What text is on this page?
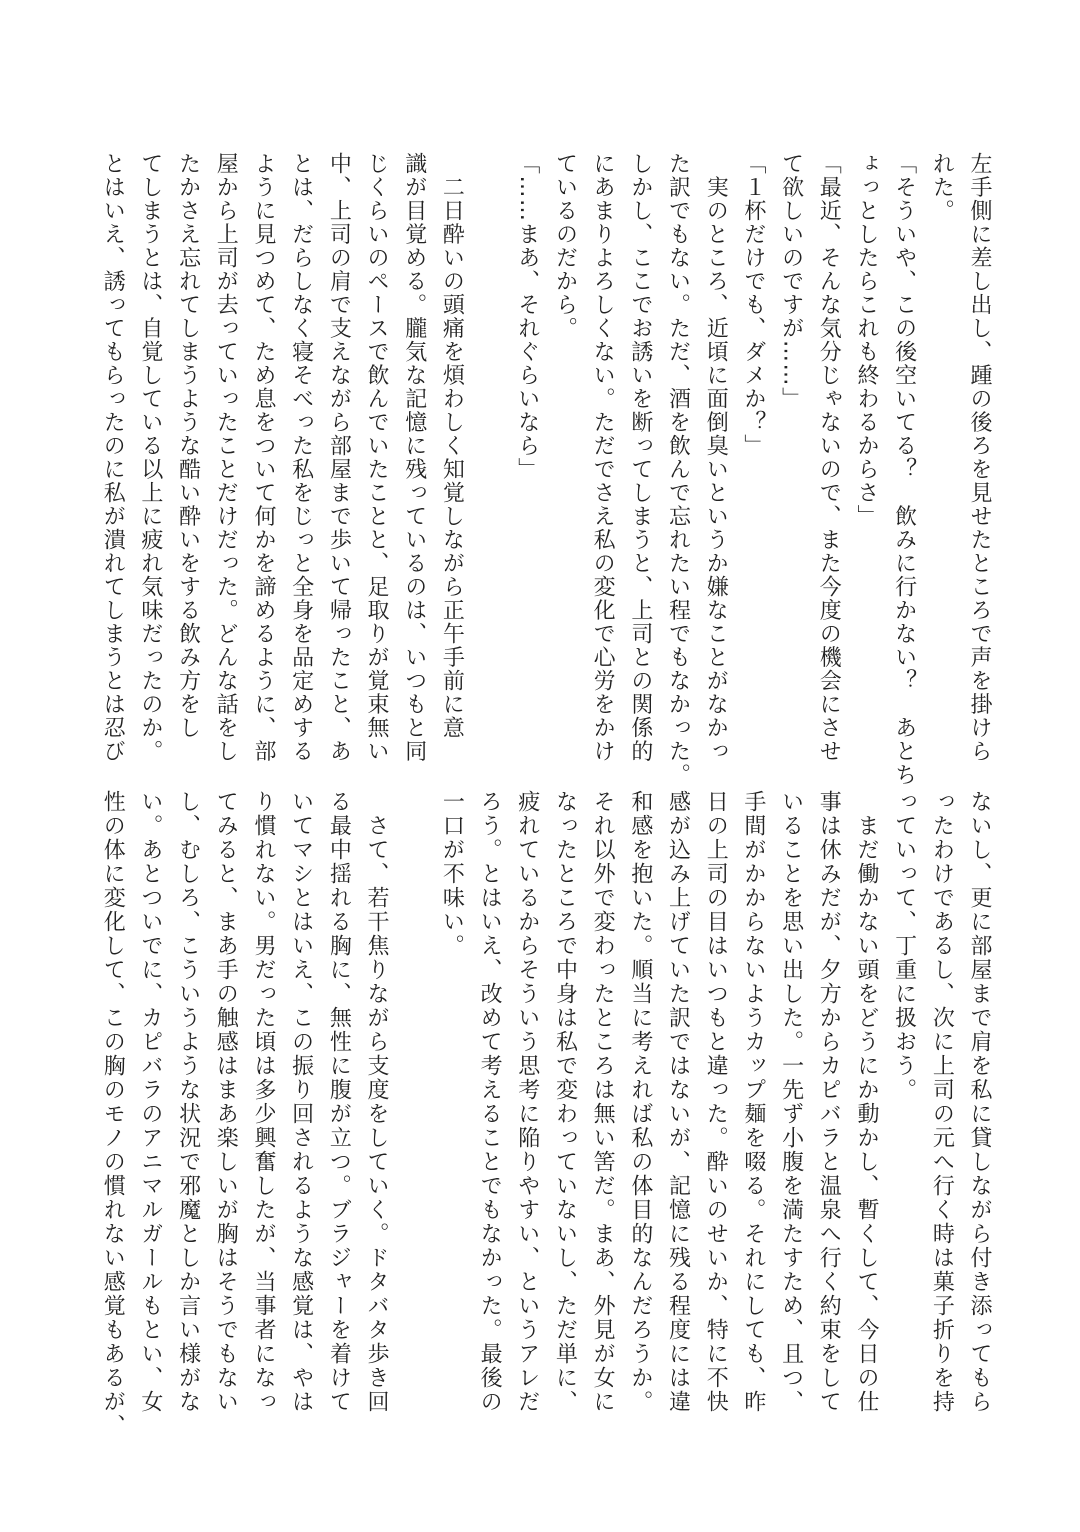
左手側に差し出し、踵の後ろを見せたところで声を掛けら
れた。
「そういや、この後空いてる？　飲みに行かない？　あとち
ょっとしたらこれも終わるからさ」
「最近、そんな気分じゃないので、また今度の機会にさせ
て欲しいのですが……」
「１杯だけでも、ダメか？」
　実のところ、近頃に面倒臭いというか嫌なことがなかっ
た訳でもない。ただ、酒を飲んで忘れたい程でもなかった。
しかし、ここでお誘いを断ってしまうと、上司との関係的
にあまりよろしくない。ただでさえ私の変化で心労をかけ
ているのだから。
「……まあ、それぐらいなら」
　二日酔いの頭痛を煩わしく知覚しながら正午手前に意
識が目覚める。朧気な記憶に残っているのは、いつもと同
じくらいのペースで飲んでいたことと、足取りが覚束無い
中、上司の肩で支えながら部屋まで歩いて帰ったこと、あ
とは、だらしなく寝そべった私をじっと全身を品定めする
ように見つめて、ため息をついて何かを諦めるように、部
屋から上司が去っていったことだけだった。どんな話をし
たかさえ忘れてしまうような酷い酔いをする飲み方をし
てしまうとは、自覚している以上に疲れ気味だったのか。
とはいえ、誘ってもらったのに私が潰れてしまうとは忍び
ないし、更に部屋まで肩を私に貸しながら付き添ってもら
ったわけであるし、次に上司の元へ行く時は菓子折りを持
っていって、丁重に扱おう。
　まだ働かない頭をどうにか動かし、暫くして、今日の仕
事は休みだが、夕方からカピバラと温泉へ行く約束をして
いることを思い出した。一先ず小腹を満たすため、且つ、
手間がかからないようカップ麺を啜る。それにしても、昨
日の上司の目はいつもと違った。酔いのせいか、特に不快
感が込み上げていた訳ではないが、記憶に残る程度には違
和感を抱いた。順当に考えれば私の体目的なんだろうか。
それ以外で変わったところは無い筈だ。まあ、外見が女に
なったところで中身は私で変わっていないし、ただ単に、
疲れているからそういう思考に陥りやすい、というアレだ
ろう。とはいえ、改めて考えることでもなかった。最後の
一口が不味い。
　さて、若干焦りながら支度をしていく。ドタバタ歩き回
る最中揺れる胸に、無性に腹が立つ。ブラジャーを着けて
いてマシとはいえ、この振り回されるような感覚は、やは
り慣れない。男だった頃は多少興奮したが、当事者になっ
てみると、まあ手の触感はまあ楽しいが胸はそうでもない
し、むしろ、こういうような状況で邪魔としか言い様がな
い。あとついでに、カピバラのアニマルガールもとい、女
性の体に変化して、この胸のモノの慣れない感覚もあるが、
